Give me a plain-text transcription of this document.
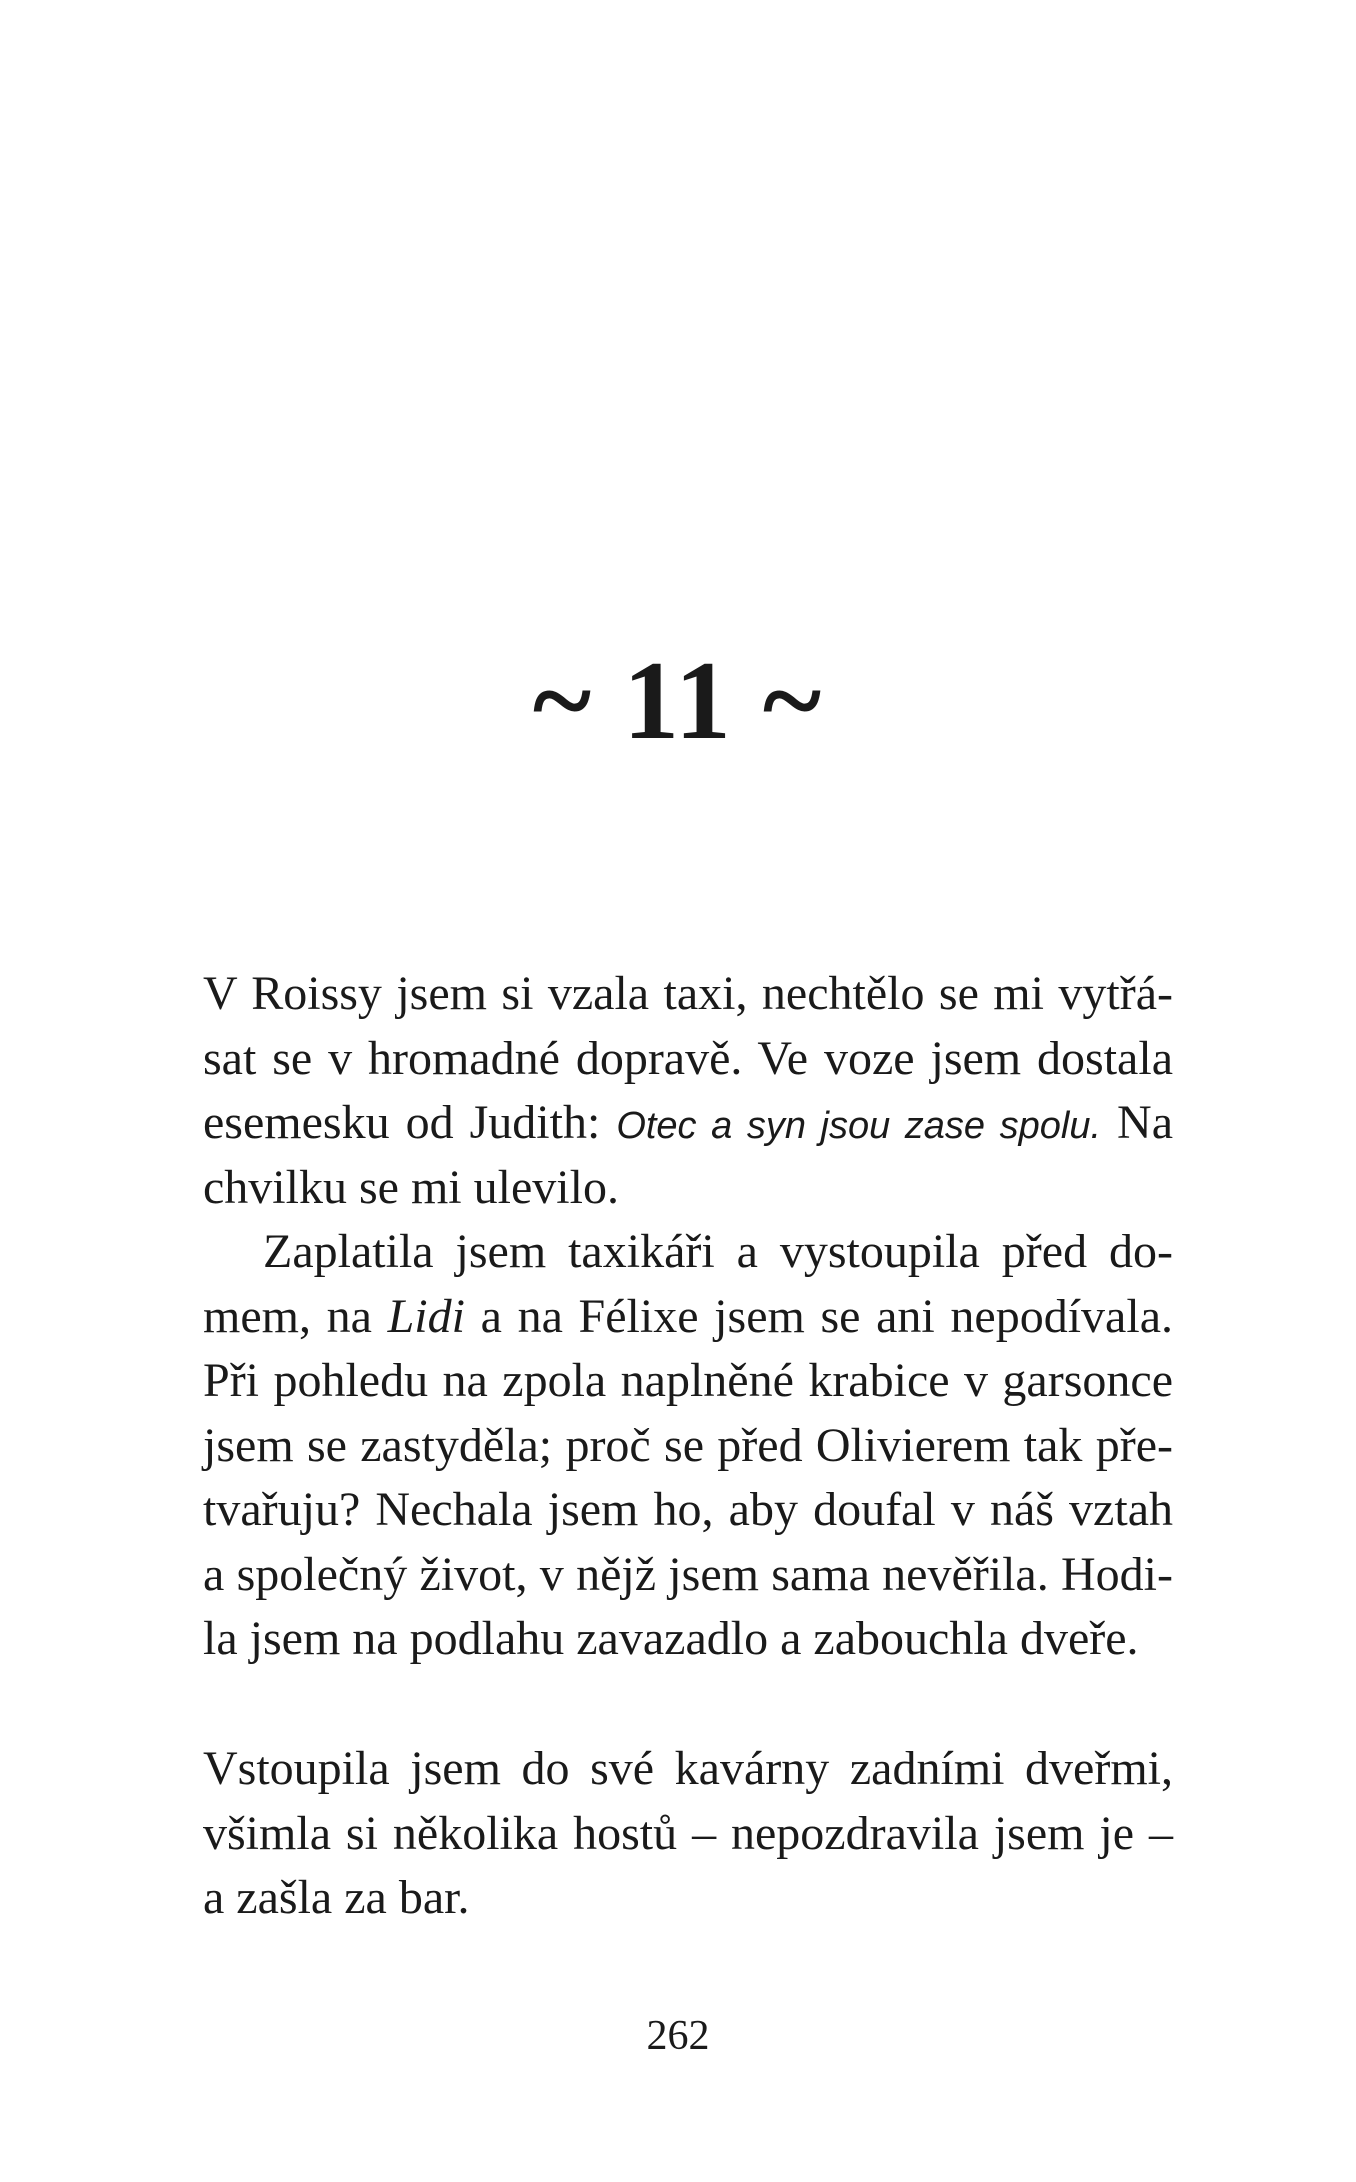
~ 11 ~
V Roissy jsem si vzala taxi, nechtělo se mi vytřá-
sat se v hromadné dopravě. Ve voze jsem dostala
esemesku od Judith: Otec a syn jsou zase spolu. Na
chvilku se mi ulevilo.
Zaplatila jsem taxikáři a vystoupila před do-
mem, na Lidi a na Félixe jsem se ani nepodívala.
Při pohledu na zpola naplněné krabice v garsonce
jsem se zastyděla; proč se před Olivierem tak pře-
tvařuju? Nechala jsem ho, aby doufal v náš vztah
a společný život, v nějž jsem sama nevěřila. Hodi-
la jsem na podlahu zavazadlo a zabouchla dveře.
Vstoupila jsem do své kavárny zadními dveřmi,
všimla si několika hostů – nepozdravila jsem je –
a zašla za bar.
262
